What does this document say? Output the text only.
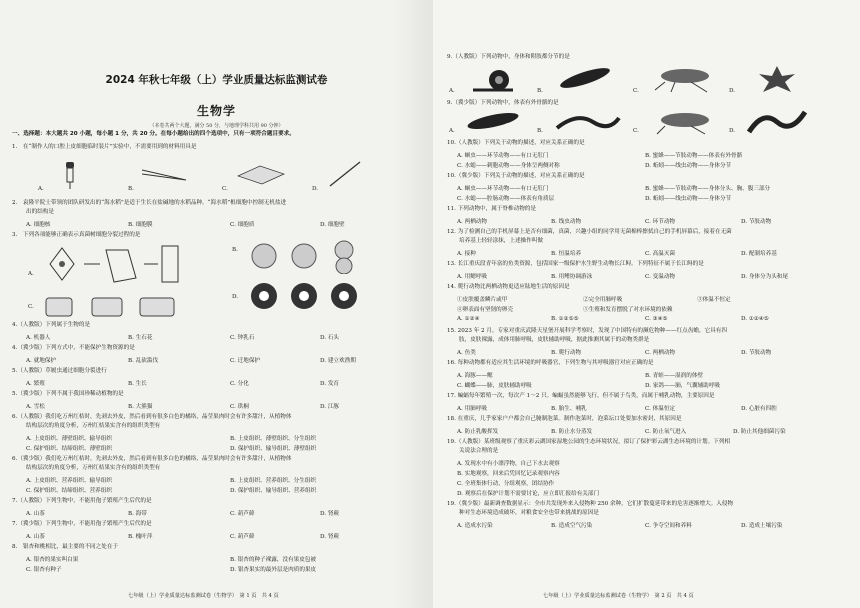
2024 年秋七年级（上）学业质量达标监测试卷
生物学
（本卷共两个大题，满分 50 分，与地理学科共用 90 分钟）
一、选择题：本大题共 20 小题，每小题 1 分，共 20 分。在每小题给出的四个选项中，只有一项符合题目要求。
1.　在“制作人的口腔上皮细胞临时装片”实验中，不需要用到的材料用具是
A.	B.	C.	D.
2.　袁隆平院士带领的团队研发出的“海水稻”是适于生长在盐碱地的水稻品种。“海水稻”根细胞中控制无机盐进
出的结构是
A. 细胞核	B. 细胞膜	C. 细胞质	D. 细胞壁
3.　下列各项能够正确表示真菌树细胞分裂过程的是
A.
B.
C.
D.
4.（人教版）下列属于生物的是
A. 机器人	B. 生石花	C. 钟乳石	D. 石头
4.（冀少版）下列方式中，不能保护生物资源的是
A. 就地保护	B. 乱砍滥伐	C. 迁地保护	D. 建立欢渔期
5.（人教版）草履虫通过细胞分裂进行
A. 繁殖	B. 生长	C. 分化	D. 发育
5.（冀少版）下列不属于我国珍稀动植物的是
A. 雪松	B. 大熊猫	C. 珙桐	D. 江豚
6.（人教版）我们吃万州红桔时，先剥去外皮，然后看到有很多白色的橘络，晶莹果肉时会有许多甜汁，从植物体
结构层次的角度分析，万州红桔果实含有的组织类型有
A. 上皮组织、薄壁组织、输导组织	B. 上皮组织、薄壁组织、分生组织
C. 保护组织、结缔组织、薄壁组织	D. 保护组织、输导组织、薄壁组织
6.（冀少版）我们吃万州红桔时，先剥去外皮，然后看到有很多白色的橘络，晶莹果肉时会有许多甜汁，从植物体
结构层次的角度分析，万州红桔果实含有的组织类型有
A. 上皮组织、营养组织、输导组织	B. 上皮组织、营养组织、分生组织
C. 保护组织、结缔组织、营养组织	D. 保护组织、输导组织、营养组织
7.（人教版）下列生物中，不能用孢子繁殖产生后代的是
A. 山茶	B. 海带	C. 葫芦藓	D. 肾蕨
7.（冀少版）下列生物中，不能用孢子繁殖产生后代的是
A. 山茶	B. 槐叶萍	C. 葫芦藓	D. 肾蕨
8.　银杏和桃相比，最主要的不同之处在于
A. 银杏的果实叫白果	B. 银杏的种子裸露，没有果皮包被
C. 银杏有种子	D. 银杏果实的最外层是肉质的果皮
七年级（上）学业质量达标监测试卷（生物学）　第 1 页　共 4 页
9.（人教版）下列动物中，身体和附肢都分节的是
A.	B.	C.	D.
9.（冀少版）下列动物中，体表有外骨骼的是
A.	B.	C.	D.
10.（人教版）下列关于动物的描述，对应关系正确的是
A. 蛔虫——环节动物——有口无肛门	B. 蜜蜂——节肢动物——体表有外骨骼
C. 水螅——刺胞动物——身体呈两侧对称	D. 蚯蚓——线虫动物——身体分节
10.（冀少版）下列关于动物的描述，对应关系正确的是
A. 蛔虫——环节动物——有口无肛门	B. 蜜蜂——节肢动物——身体分头、胸、腹三部分
C. 水螅——腔肠动物——体表有角质层	D. 蚯蚓——线虫动物——身体分节
11. 下列动物中，属于脊椎动物的是
A. 两栖动物	B. 线虫动物	C. 环节动物	D. 节肢动物
12. 为了检测自己的手机屏幕上是否有细菌，真菌，兴趣小组的同学用无菌棉棒擦拭自己的手机屏幕后，接着在无菌
培养基上轻轻涂抹，上述操作叫做
A. 接种	B. 恒温培养	C. 高温灭菌	D. 配制培养基
13. 长江重庆段青年富的鱼类资源，包括国家一级保护水生野生动物长江鲟。下列特征不属于长江鲟的是
A. 用鳃呼吸	B. 用鳍协调游泳	C. 变温动物	D. 身体分为头和尾
14. 爬行动物比两栖动物更适应陆地生活的原因是
①皮肤覆盖鳞片或甲	②完全用肺呼吸	③体温不恒定
④卵表面有坚韧的卵壳	⑤生殖和发育摆脱了对水环境的依赖
A. ①②④	B. ①②⑤⑤	C. ③④⑤	D. ①②④⑤
15. 2023 年 2 月，专家对重庆武隆天星堡开展科学考察时，发现了中国特有的濒危物种——红点齿蟾，它具有四
肢，皮肤裸露，成体用肺呼吸，皮肤辅助呼吸，据此推测其属于的动物类群是
A. 鱼类	B. 爬行动物	C. 两栖动物	D. 节肢动物
16. 每种动物都有适应其生活环境的呼吸器官，下列生物与其呼吸器官对应正确的是
A. 海豚——鳃	B. 青蛙——湿润的体壁
C. 蝴蝶——肺，皮肤辅助呼吸	D. 家鸽——肺，气囊辅助呼吸
17. 蝙蝠每年繁殖一次，每次产 1～2 只。蝙蝠虽然能够飞行，但不属于鸟类，而属于哺乳动物，主要原因是
A. 用肺呼吸	B. 胎生、哺乳	C. 体温恒定	D. 心脏有四腔
18. 在重庆，几乎家家户户都会自己腌制泡菜。制作泡菜时，泡菜坛口处要加水密封，其原因是
A. 防止乳酸挥发	B. 防止水分蒸发	C. 防止氧气进入	D. 防止其他细菌污染
19.（人教版）某班级观察了重庆彩云湖国家湿地公园的生态环境状况，拟订了保护彩云湖生态环境的计划。下列相
关说法合理的是
A. 发现水中有小漂浮物，自己下水去观察
B. 实地观察，回来后凭回忆记录观察内容
C. 全班集体行动，分组观察，团结协作
D. 观察后在保护计划不需要讨论，应立即汇报给有关部门
19.（冀少版）最新调查数据显示：全市共发现外来入侵物种 250 余种，它们扩散蔓延带来的危害逐渐增大。入侵物
种对生态环境造成破坏，对粮食安全也带来挑战的原因是
A. 造成水污染	B. 造成空气污染	C. 争夺空间和养料	D. 造成土壤污染
七年级（上）学业质量达标监测试卷（生物学）　第 2 页　共 4 页
